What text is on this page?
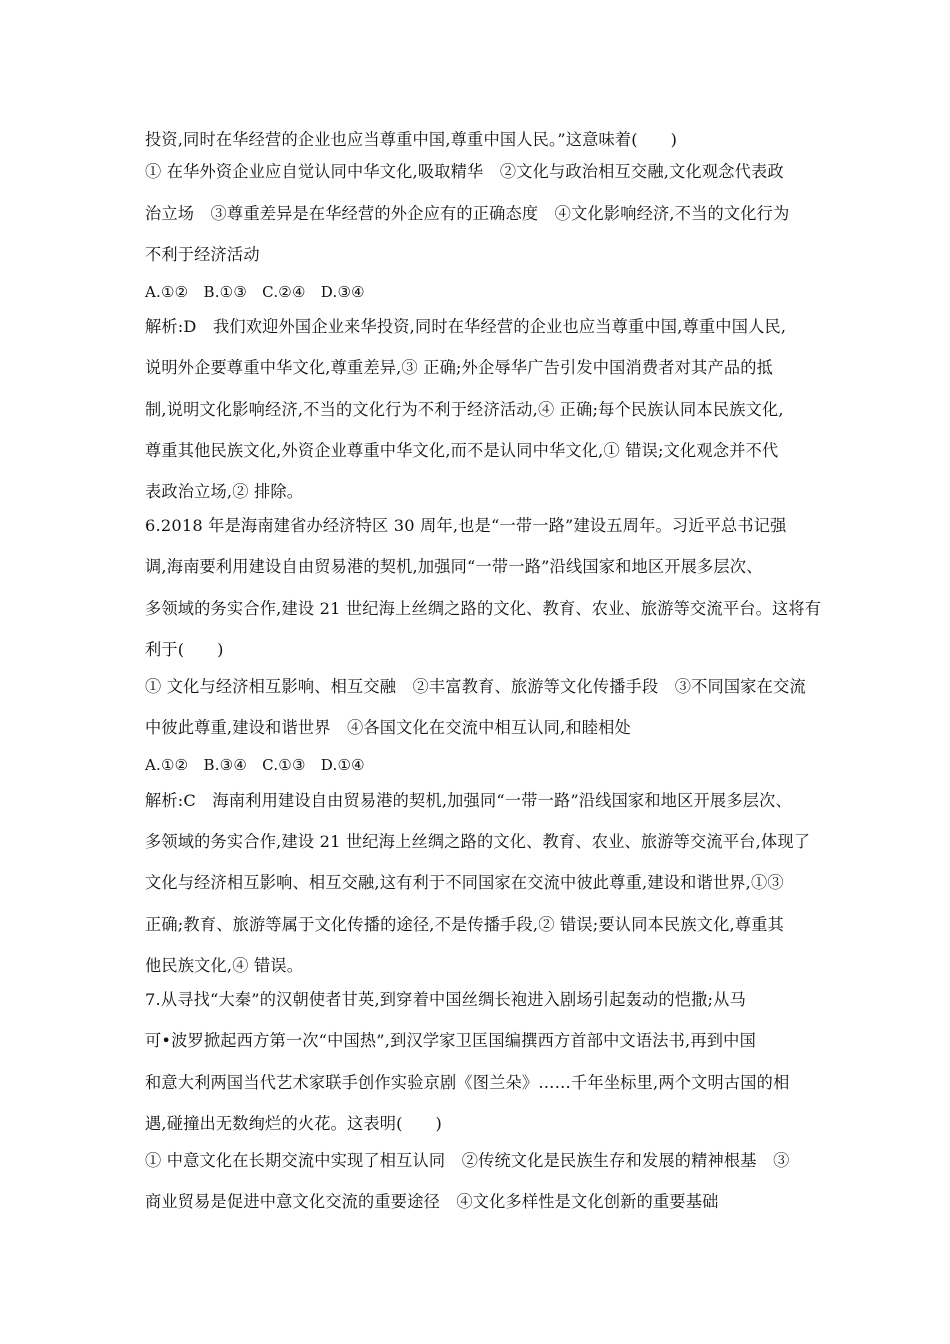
投资,同时在华经营的企业也应当尊重中国,尊重中国人民。”这意味着(　　)
① 在华外资企业应自觉认同中华文化,吸取精华　②文化与政治相互交融,文化观念代表政
治立场　③尊重差异是在华经营的外企应有的正确态度　④文化影响经济,不当的文化行为
不利于经济活动
A.①②　B.①③　C.②④　D.③④
解析:D　我们欢迎外国企业来华投资,同时在华经营的企业也应当尊重中国,尊重中国人民,
说明外企要尊重中华文化,尊重差异,③ 正确;外企辱华广告引发中国消费者对其产品的抵
制,说明文化影响经济,不当的文化行为不利于经济活动,④ 正确;每个民族认同本民族文化,
尊重其他民族文化,外资企业尊重中华文化,而不是认同中华文化,① 错误;文化观念并不代
表政治立场,② 排除。
6.2018 年是海南建省办经济特区 30 周年,也是“一带一路”建设五周年。习近平总书记强
调,海南要利用建设自由贸易港的契机,加强同“一带一路”沿线国家和地区开展多层次、
多领域的务实合作,建设 21 世纪海上丝绸之路的文化、教育、农业、旅游等交流平台。这将有
利于(　　)
① 文化与经济相互影响、相互交融　②丰富教育、旅游等文化传播手段　③不同国家在交流
中彼此尊重,建设和谐世界　④各国文化在交流中相互认同,和睦相处
A.①②　B.③④　C.①③　D.①④
解析:C　海南利用建设自由贸易港的契机,加强同“一带一路”沿线国家和地区开展多层次、
多领域的务实合作,建设 21 世纪海上丝绸之路的文化、教育、农业、旅游等交流平台,体现了
文化与经济相互影响、相互交融,这有利于不同国家在交流中彼此尊重,建设和谐世界,①③
正确;教育、旅游等属于文化传播的途径,不是传播手段,② 错误;要认同本民族文化,尊重其
他民族文化,④ 错误。
7.从寻找“大秦”的汉朝使者甘英,到穿着中国丝绸长袍进入剧场引起轰动的恺撒;从马
可•波罗掀起西方第一次“中国热”,到汉学家卫匡国编撰西方首部中文语法书,再到中国
和意大利两国当代艺术家联手创作实验京剧《图兰朵》……千年坐标里,两个文明古国的相
遇,碰撞出无数绚烂的火花。这表明(　　)
① 中意文化在长期交流中实现了相互认同　②传统文化是民族生存和发展的精神根基　③
商业贸易是促进中意文化交流的重要途径　④文化多样性是文化创新的重要基础
